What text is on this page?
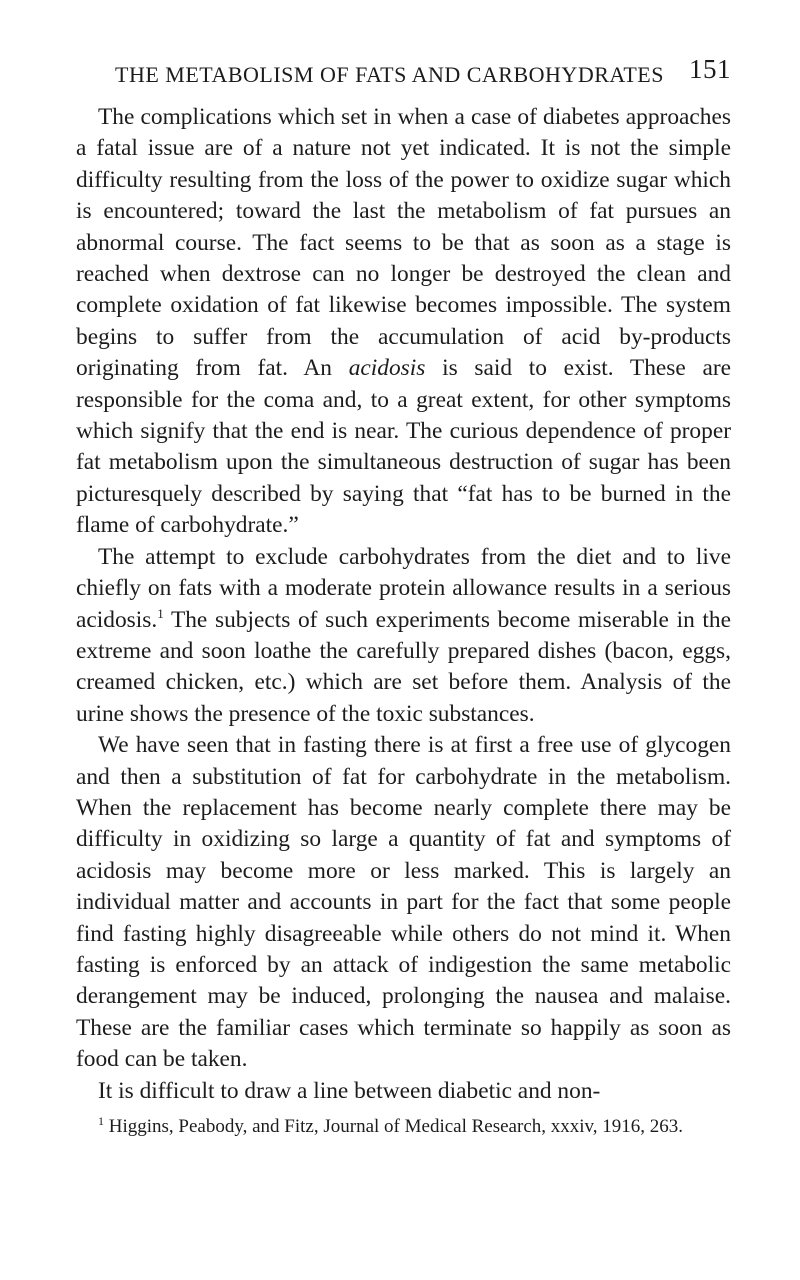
THE METABOLISM OF FATS AND CARBOHYDRATES 151

The complications which set in when a case of diabetes approaches a fatal issue are of a nature not yet indicated. It is not the simple difficulty resulting from the loss of the power to oxidize sugar which is encountered; toward the last the metabolism of fat pursues an abnormal course. The fact seems to be that as soon as a stage is reached when dextrose can no longer be destroyed the clean and complete oxidation of fat likewise becomes impossible. The system begins to suffer from the accumulation of acid by-products originating from fat. An acidosis is said to exist. These are responsible for the coma and, to a great extent, for other symptoms which signify that the end is near. The curious dependence of proper fat metabolism upon the simultaneous destruction of sugar has been picturesquely described by saying that “fat has to be burned in the flame of carbohydrate.”

The attempt to exclude carbohydrates from the diet and to live chiefly on fats with a moderate protein allowance results in a serious acidosis.$^1$ The subjects of such experiments become miserable in the extreme and soon loathe the carefully prepared dishes (bacon, eggs, creamed chicken, etc.) which are set before them. Analysis of the urine shows the presence of the toxic substances.

We have seen that in fasting there is at first a free use of glycogen and then a substitution of fat for carbohydrate in the metabolism. When the replacement has become nearly complete there may be difficulty in oxidizing so large a quantity of fat and symptoms of acidosis may become more or less marked. This is largely an individual matter and accounts in part for the fact that some people find fasting highly disagreeable while others do not mind it. When fasting is enforced by an attack of indigestion the same metabolic derangement may be induced, prolonging the nausea and malaise. These are the familiar cases which terminate so happily as soon as food can be taken.

It is difficult to draw a line between diabetic and non-

$^1$ Higgins, Peabody, and Fitz, Journal of Medical Research, xxxiv, 1916, 263.
